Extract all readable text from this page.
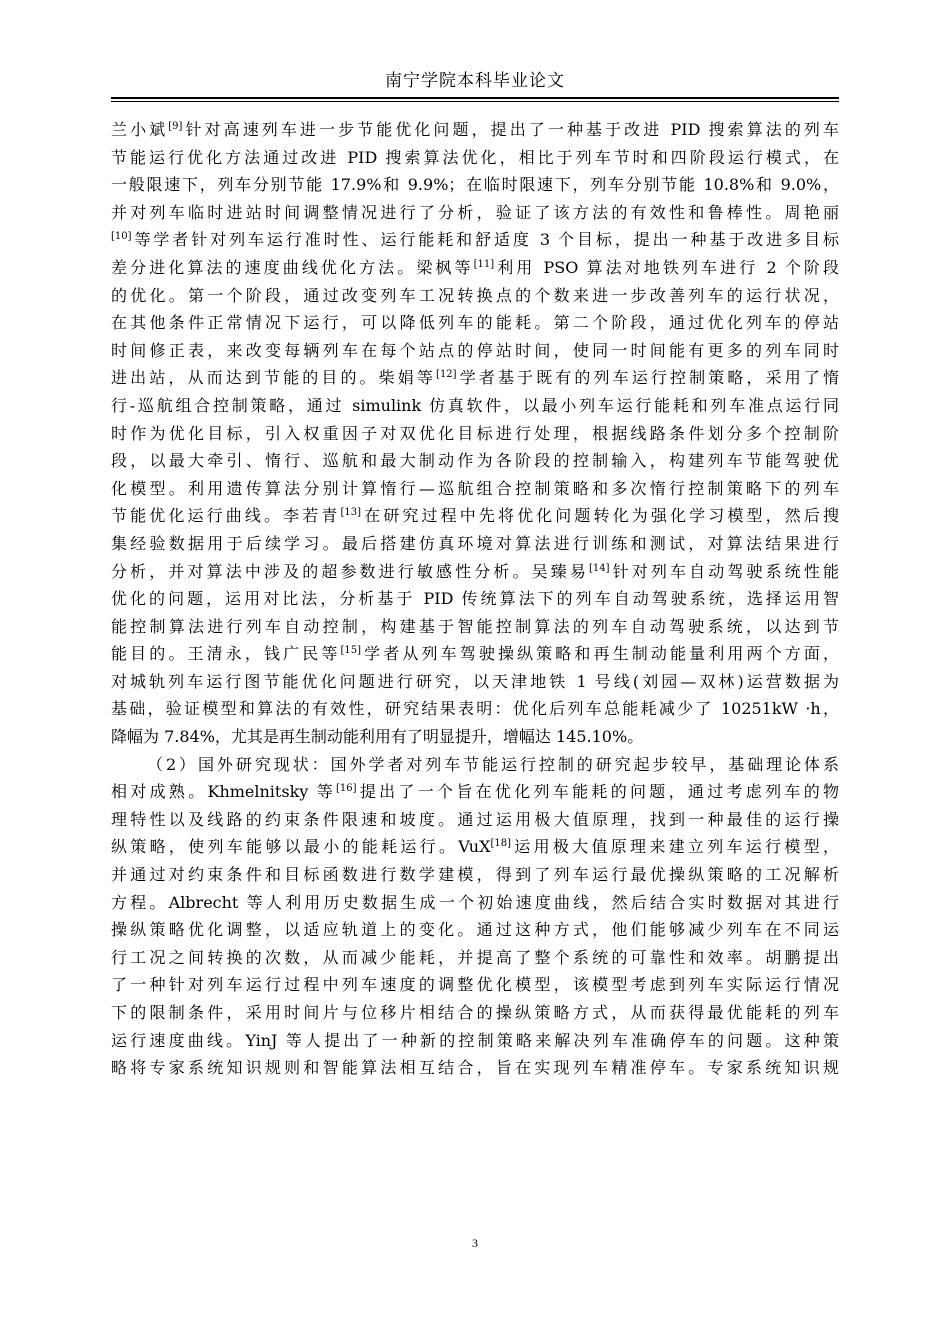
南宁学院本科毕业论文
兰小斌[9]针对高速列车进一步节能优化问题，提出了一种基于改进 PID 搜索算法的列车
节能运行优化方法通过改进 PID 搜索算法优化，相比于列车节时和四阶段运行模式，在
一般限速下，列车分别节能 17.9%和 9.9%；在临时限速下，列车分别节能 10.8%和 9.0%，
并对列车临时进站时间调整情况进行了分析，验证了该方法的有效性和鲁棒性。周艳丽
[10]等学者针对列车运行准时性、运行能耗和舒适度 3 个目标，提出一种基于改进多目标
差分进化算法的速度曲线优化方法。梁枫等[11]利用 PSO 算法对地铁列车进行 2 个阶段
的优化。第一个阶段，通过改变列车工况转换点的个数来进一步改善列车的运行状况，
在其他条件正常情况下运行，可以降低列车的能耗。第二个阶段，通过优化列车的停站
时间修正表，来改变每辆列车在每个站点的停站时间，使同一时间能有更多的列车同时
进出站，从而达到节能的目的。柴娟等[12]学者基于既有的列车运行控制策略，采用了惰
行-巡航组合控制策略，通过 simulink 仿真软件，以最小列车运行能耗和列车准点运行同
时作为优化目标，引入权重因子对双优化目标进行处理，根据线路条件划分多个控制阶
段，以最大牵引、惰行、巡航和最大制动作为各阶段的控制输入，构建列车节能驾驶优
化模型。利用遗传算法分别计算惰行—巡航组合控制策略和多次惰行控制策略下的列车
节能优化运行曲线。李若青[13]在研究过程中先将优化问题转化为强化学习模型，然后搜
集经验数据用于后续学习。最后搭建仿真环境对算法进行训练和测试，对算法结果进行
分析，并对算法中涉及的超参数进行敏感性分析。吴臻易[14]针对列车自动驾驶系统性能
优化的问题，运用对比法，分析基于 PID 传统算法下的列车自动驾驶系统，选择运用智
能控制算法进行列车自动控制，构建基于智能控制算法的列车自动驾驶系统，以达到节
能目的。王清永，钱广民等[15]学者从列车驾驶操纵策略和再生制动能量利用两个方面，
对城轨列车运行图节能优化问题进行研究，以天津地铁 1 号线(刘园—双林)运营数据为
基础，验证模型和算法的有效性，研究结果表明：优化后列车总能耗减少了 10251kW ·h，
降幅为 7.84%，尤其是再生制动能利用有了明显提升，增幅达 145.10%。
（2）国外研究现状：国外学者对列车节能运行控制的研究起步较早，基础理论体系
相对成熟。Khmelnitsky 等[16]提出了一个旨在优化列车能耗的问题，通过考虑列车的物
理特性以及线路的约束条件限速和坡度。通过运用极大值原理，找到一种最佳的运行操
纵策略，使列车能够以最小的能耗运行。VuX[18]运用极大值原理来建立列车运行模型，
并通过对约束条件和目标函数进行数学建模，得到了列车运行最优操纵策略的工况解析
方程。Albrecht 等人利用历史数据生成一个初始速度曲线，然后结合实时数据对其进行
操纵策略优化调整，以适应轨道上的变化。通过这种方式，他们能够减少列车在不同运
行工况之间转换的次数，从而减少能耗，并提高了整个系统的可靠性和效率。胡鹏提出
了一种针对列车运行过程中列车速度的调整优化模型，该模型考虑到列车实际运行情况
下的限制条件，采用时间片与位移片相结合的操纵策略方式，从而获得最优能耗的列车
运行速度曲线。YinJ 等人提出了一种新的控制策略来解决列车准确停车的问题。这种策
略将专家系统知识规则和智能算法相互结合，旨在实现列车精准停车。专家系统知识规
3
